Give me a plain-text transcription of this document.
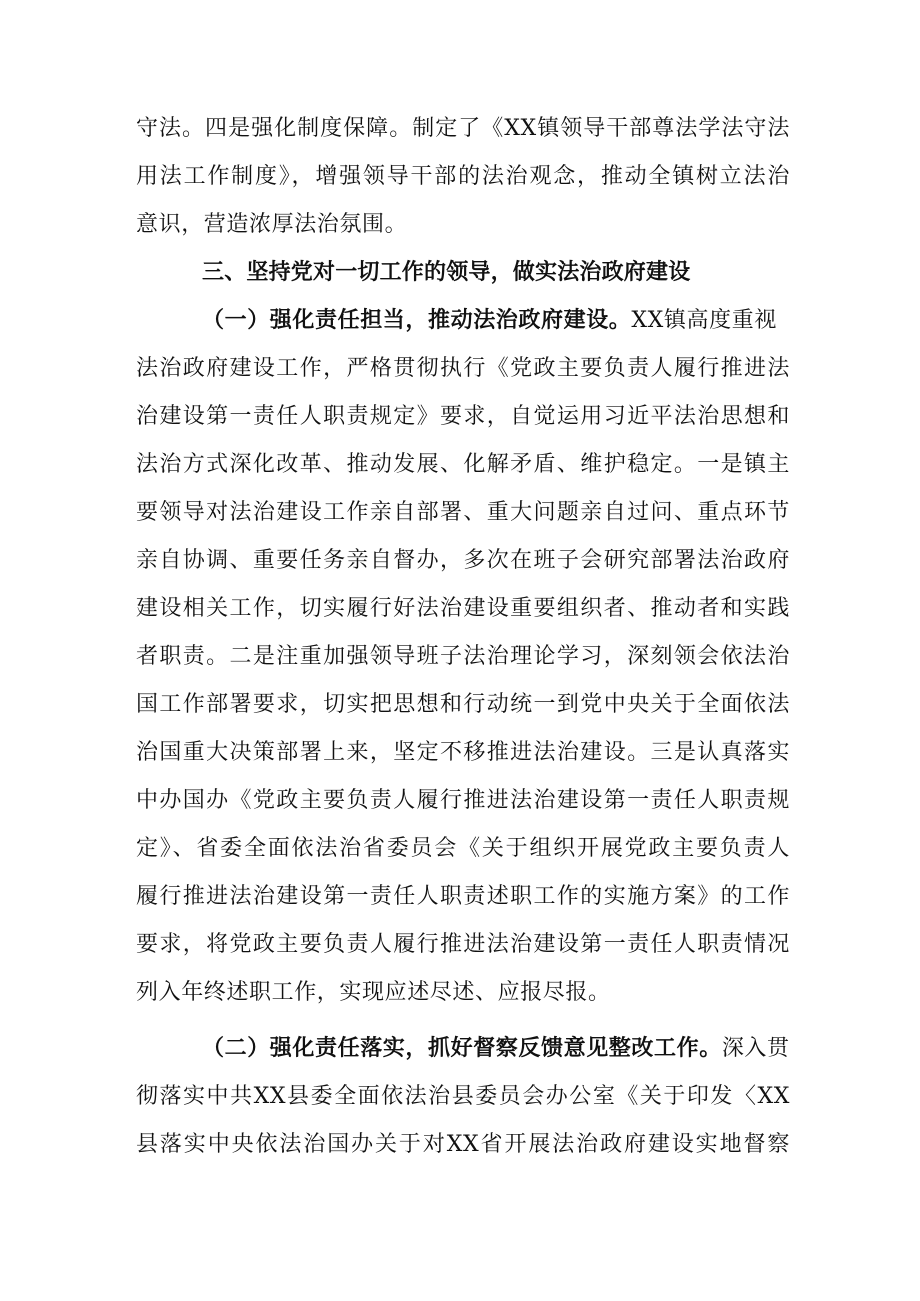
守法。四是强化制度保障。制定了《XX镇领导干部尊法学法守法
用法工作制度》，增强领导干部的法治观念，推动全镇树立法治
意识，营造浓厚法治氛围。
三、坚持党对一切工作的领导，做实法治政府建设
（一）强化责任担当，推动法治政府建设。XX镇高度重视
法治政府建设工作，严格贯彻执行《党政主要负责人履行推进法
治建设第一责任人职责规定》要求，自觉运用习近平法治思想和
法治方式深化改革、推动发展、化解矛盾、维护稳定。一是镇主
要领导对法治建设工作亲自部署、重大问题亲自过问、重点环节
亲自协调、重要任务亲自督办，多次在班子会研究部署法治政府
建设相关工作，切实履行好法治建设重要组织者、推动者和实践
者职责。二是注重加强领导班子法治理论学习，深刻领会依法治
国工作部署要求，切实把思想和行动统一到党中央关于全面依法
治国重大决策部署上来，坚定不移推进法治建设。三是认真落实
中办国办《党政主要负责人履行推进法治建设第一责任人职责规
定》、省委全面依法治省委员会《关于组织开展党政主要负责人
履行推进法治建设第一责任人职责述职工作的实施方案》的工作
要求，将党政主要负责人履行推进法治建设第一责任人职责情况
列入年终述职工作，实现应述尽述、应报尽报。
（二）强化责任落实，抓好督察反馈意见整改工作。深入贯
彻落实中共XX县委全面依法治县委员会办公室《关于印发〈XX
县落实中央依法治国办关于对XX省开展法治政府建设实地督察
